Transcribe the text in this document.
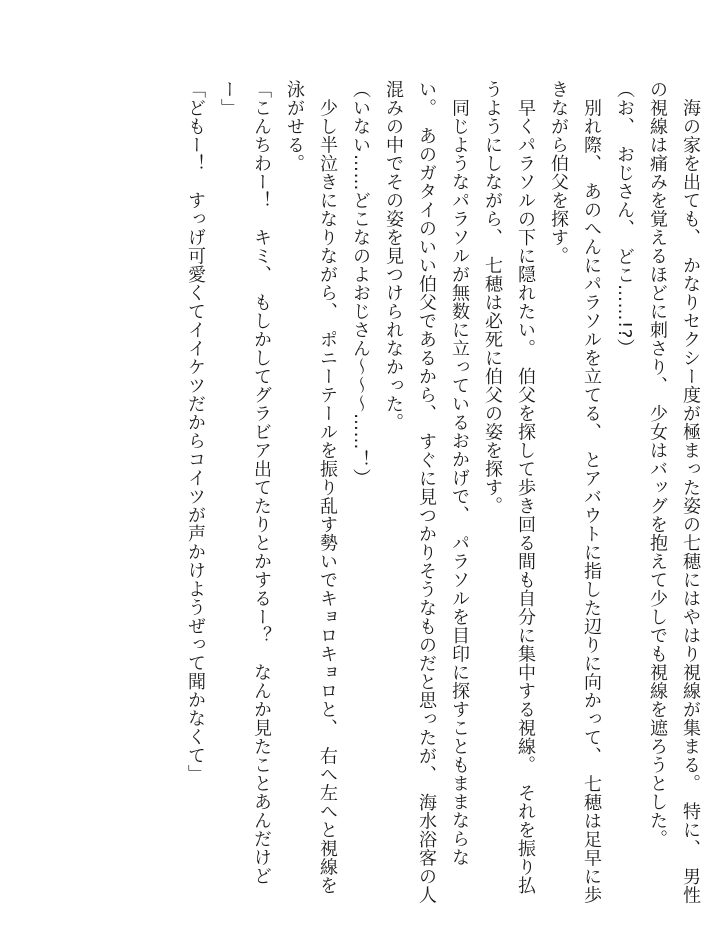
　海の家を出ても、　かなりセクシー度が極まった姿の七穂にはやはり視線が集まる。　特に、　男性
の視線は痛みを覚えるほどに刺さり、　少女はバッグを抱えて少しでも視線を遮ろうとした。
（お、　おじさん、　どこ……!?）
　別れ際、　あのへんにパラソルを立てる、　とアバウトに指した辺りに向かって、　七穂は足早に歩
きながら伯父を探す。
　早くパラソルの下に隠れたい。　伯父を探して歩き回る間も自分に集中する視線。　それを振り払
うようにしながら、　七穂は必死に伯父の姿を探す。
　同じようなパラソルが無数に立っているおかげで、　パラソルを目印に探すこともままならな
い。　あのガタイのいい伯父であるから、　すぐに見つかりそうなものだと思ったが、　海水浴客の人
混みの中でその姿を見つけられなかった。
（いない……どこなのよおじさん～～～……！）
　少し半泣きになりながら、　ポニーテールを振り乱す勢いでキョロキョロと、　右へ左へと視線を
泳がせる。
「こんちわー！　キミ、　もしかしてグラビア出てたりとかするー？　なんか見たことあんだけど
ー」
「どもー！　すっげ可愛くてイイケツだからコイツが声かけようぜって聞かなくて」
